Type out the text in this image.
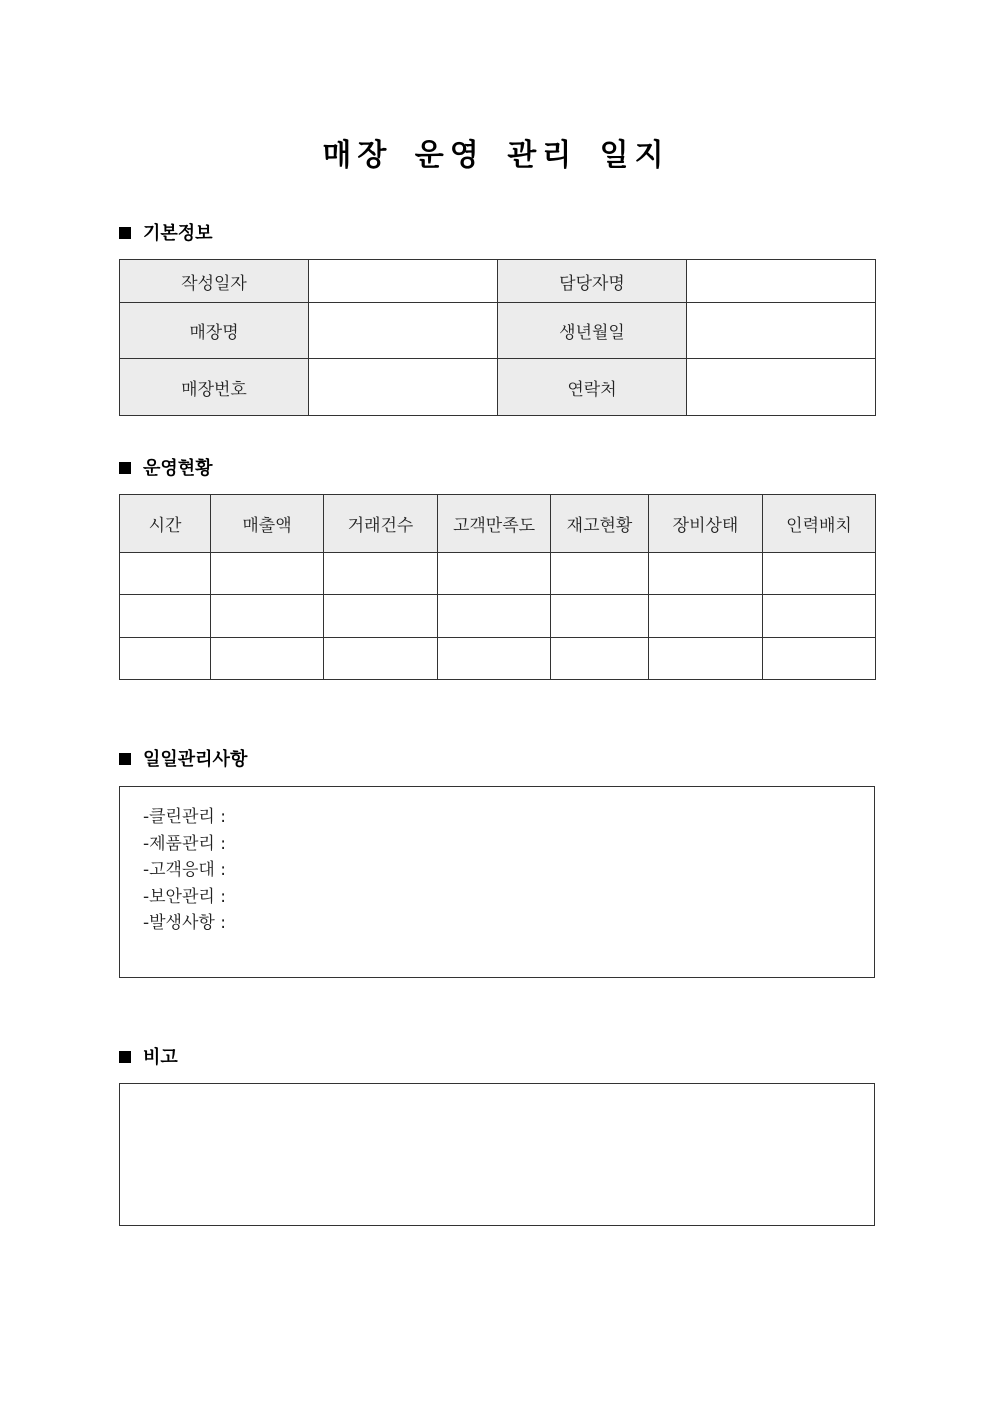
매장 운영 관리 일지
기본정보
작성일자		담당자명	
매장명		생년월일	
매장번호		연락처	
운영현황
시간	매출액	거래건수	고객만족도	재고현황	장비상태	인력배치

일일관리사항
-클린관리 :
-제품관리 :
-고객응대 :
-보안관리 :
-발생사항 :
비고
